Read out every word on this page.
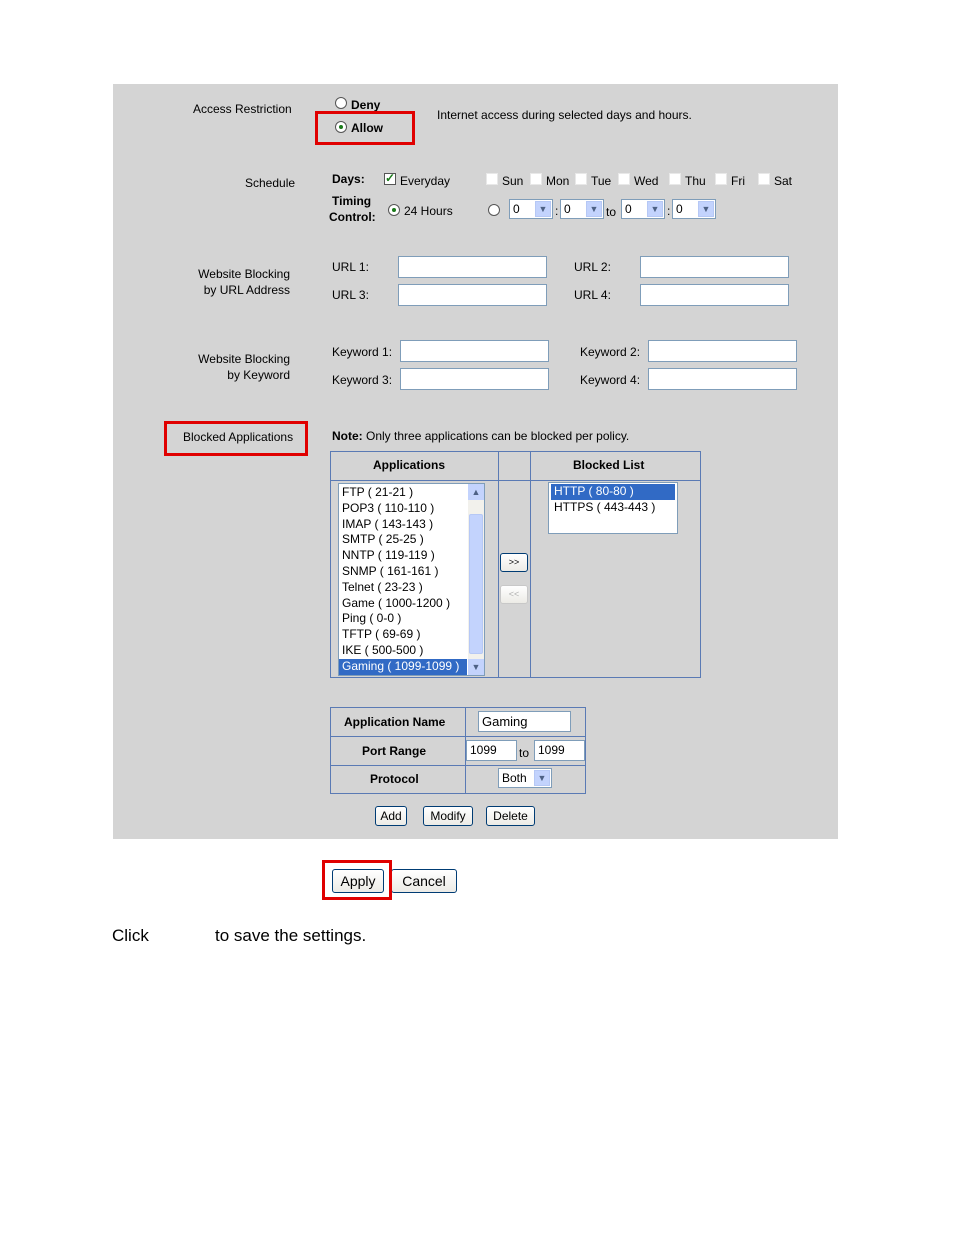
Access Restriction	Deny
Allow
Internet access during selected days and hours.
Schedule	Days:
✓	Everyday	Sun Mon Tue Wed Thu Fri Sat
Timing
Control: 24 Hours	0	▼ : 0	▼ to 0	▼ : 0	▼
Website Blocking
by URL Address
URL 1:	URL 2:
URL 3:	URL 4:
Website Blocking
by Keyword
Keyword 1:	Keyword 2:
Keyword 3:	Keyword 4:
Blocked Applications	Note: Only three applications can be blocked per policy.
Applications	Blocked List
FTP ( 21-21 )
POP3 ( 110-110 )
IMAP ( 143-143 )
SMTP ( 25-25 )
NNTP ( 119-119 )
SNMP ( 161-161 )
Telnet ( 23-23 )
Game ( 1000-1200 )
Ping ( 0-0 )
TFTP ( 69-69 )
IKE ( 500-500 )
Gaming ( 1099-1099 )
▲
▼
>>
<<
HTTP ( 80-80 )
HTTPS ( 443-443 )
Application Name	Gaming
Port Range	1099	to 1099
Protocol	Both	▼
Add	Modify	Delete
Apply	Cancel
Click	to save the settings.
